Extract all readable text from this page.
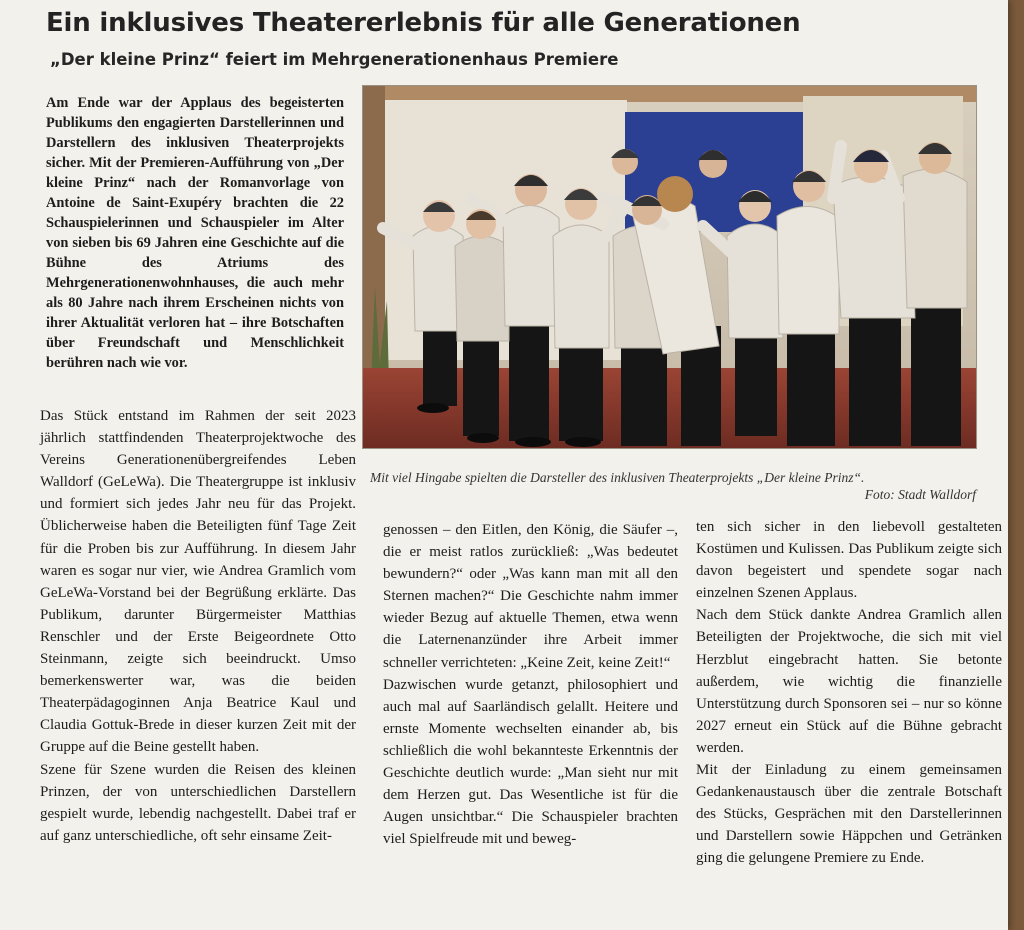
Ein inklusives Theatererlebnis für alle Generationen
„Der kleine Prinz“ feiert im Mehrgenerationenhaus Premiere

Am Ende war der Applaus des begeisterten Publikums den engagierten Darstellerinnen und Darstellern des inklusiven Theaterprojekts sicher. Mit der Premieren-Aufführung von „Der kleine Prinz“ nach der Romanvorlage von Antoine de Saint-Exupéry brachten die 22 Schauspielerinnen und Schauspieler im Alter von sieben bis 69 Jahren eine Geschichte auf die Bühne des Atriums des Mehrgenerationenwohnhauses, die auch mehr als 80 Jahre nach ihrem Erscheinen nichts von ihrer Aktualität verloren hat – ihre Botschaften über Freundschaft und Menschlichkeit berühren nach wie vor.

Mit viel Hingabe spielten die Darsteller des inklusiven Theaterprojekts „Der kleine Prinz“.

Foto: Stadt Walldorf

Das Stück entstand im Rahmen der seit 2023 jährlich stattfindenden Theaterprojektwoche des Vereins Generationenübergreifendes Leben Walldorf (GeLeWa). Die Theatergruppe ist inklusiv und formiert sich jedes Jahr neu für das Projekt. Üblicherweise haben die Beteiligten fünf Tage Zeit für die Proben bis zur Aufführung. In diesem Jahr waren es sogar nur vier, wie Andrea Gramlich vom GeLeWa-Vorstand bei der Begrüßung erklärte. Das Publikum, darunter Bürgermeister Matthias Renschler und der Erste Beigeordnete Otto Steinmann, zeigte sich beeindruckt. Umso bemerkenswerter war, was die beiden Theaterpädagoginnen Anja Beatrice Kaul und Claudia Gottuk-Brede in dieser kurzen Zeit mit der Gruppe auf die Beine gestellt haben.

Szene für Szene wurden die Reisen des kleinen Prinzen, der von unterschiedlichen Darstellern gespielt wurde, lebendig nachgestellt. Dabei traf er auf ganz unterschiedliche, oft sehr einsame Zeit-

genossen – den Eitlen, den König, die Säufer –, die er meist ratlos zurückließ: „Was bedeutet bewundern?“ oder „Was kann man mit all den Sternen machen?“ Die Geschichte nahm immer wieder Bezug auf aktuelle Themen, etwa wenn die Laternenanzünder ihre Arbeit immer schneller verrichteten: „Keine Zeit, keine Zeit!“

Dazwischen wurde getanzt, philosophiert und auch mal auf Saarländisch gelallt. Heitere und ernste Momente wechselten einander ab, bis schließlich die wohl bekannteste Erkenntnis der Geschichte deutlich wurde: „Man sieht nur mit dem Herzen gut. Das Wesentliche ist für die Augen unsichtbar.“ Die Schauspieler brachten viel Spielfreude mit und beweg-

ten sich sicher in den liebevoll gestalteten Kostümen und Kulissen. Das Publikum zeigte sich davon begeistert und spendete sogar nach einzelnen Szenen Applaus.

Nach dem Stück dankte Andrea Gramlich allen Beteiligten der Projektwoche, die sich mit viel Herzblut eingebracht hatten. Sie betonte außerdem, wie wichtig die finanzielle Unterstützung durch Sponsoren sei – nur so könne 2027 erneut ein Stück auf die Bühne gebracht werden.

Mit der Einladung zu einem gemeinsamen Gedankenaustausch über die zentrale Botschaft des Stücks, Gesprächen mit den Darstellerinnen und Darstellern sowie Häppchen und Getränken ging die gelungene Premiere zu Ende.
